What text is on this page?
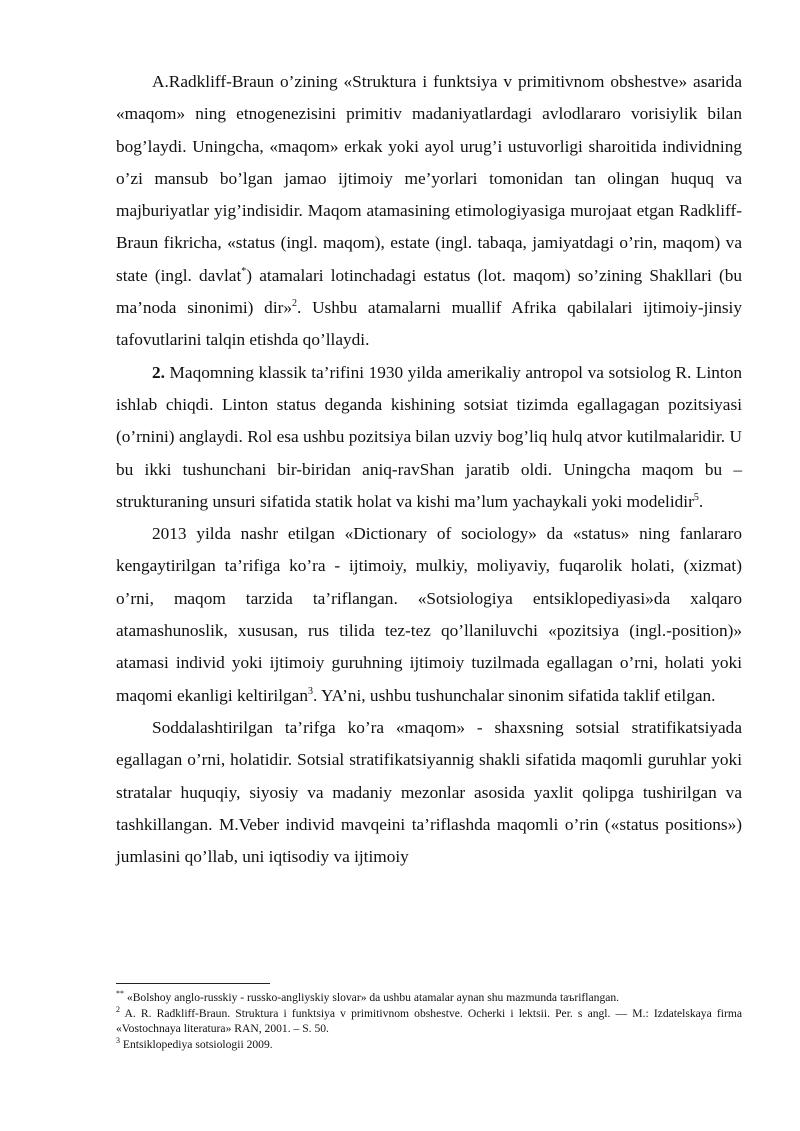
A.Radkliff-Braun o’zining «Struktura i funktsiya v primitivnom obshestve» asarida «maqom» ning etnogenezisini primitiv madaniyatlardagi avlodlararo vorisiylik bilan bog’laydi. Uningcha, «maqom» erkak yoki ayol urug’i ustuvorligi sharoitida individning o’zi mansub bo’lgan jamao ijtimoiy me’yorlari tomonidan tan olingan huquq va majburiyatlar yig’indisidir. Maqom atamasining etimologiyasiga murojaat etgan Radkliff-Braun fikricha, «status (ingl. maqom), estate (ingl. tabaqa, jamiyatdagi o’rin, maqom) va state (ingl. davlat*) atamalari lotinchadagi estatus (lot. maqom) so’zining Shakllari (bu ma’noda sinonimi) dir»$^2$. Ushbu atamalarni muallif Afrika qabilalari ijtimoiy-jinsiy tafovutlarini talqin etishda qo’llaydi.

2. Maqomning klassik ta’rifini 1930 yilda amerikaliy antropol va sotsiolog R. Linton ishlab chiqdi. Linton status deganda kishining sotsiat tizimda egallagagan pozitsiyasi (o’rnini) anglaydi. Rol esa ushbu pozitsiya bilan uzviy bog’liq hulq atvor kutilmalaridir. U bu ikki tushunchani bir-biridan aniq-ravShan jaratib oldi. Uningcha maqom bu – strukturaning unsuri sifatida statik holat va kishi ma’lum yachaykali yoki modelidir$^5$.

2013 yilda nashr etilgan «Dictionary of sociology» da «status» ning fanlararo kengaytirilgan ta’rifiga ko’ra - ijtimoiy, mulkiy, moliyaviy, fuqarolik holati, (xizmat) o’rni, maqom tarzida ta’riflangan. «Sotsiologiya entsiklopediyasi»da xalqaro atamashunoslik, xususan, rus tilida tez-tez qo’llaniluvchi «pozitsiya (ingl.-position)» atamasi individ yoki ijtimoiy guruhning ijtimoiy tuzilmada egallagan o’rni, holati yoki maqomi ekanligi keltirilgan$^3$. YA’ni, ushbu tushunchalar sinonim sifatida taklif etilgan.

Soddalashtirilgan ta’rifga ko’ra «maqom» - shaxsning sotsial stratifikatsiyada egallagan o’rni, holatidir. Sotsial stratifikatsiyannig shakli sifatida maqomli guruhlar yoki stratalar huquqiy, siyosiy va madaniy mezonlar asosida yaxlit qolipga tushirilgan va tashkillangan. M.Veber individ mavqeini ta’riflashda maqomli o’rin («status positions») jumlasini qo’llab, uni iqtisodiy va ijtimoiy

** «Bolshoy anglo-russkiy - russko-angliyskiy slovar» da ushbu atamalar aynan shu mazmunda taъriflangan.

$^2$ A. R. Radkliff-Braun. Struktura i funktsiya v primitivnom obshestve. Ocherki i lektsii. Per. s angl. — M.: Izdatelskaya firma «Vostochnaya literatura» RAN, 2001. – S. 50.

$^3$ Entsiklopediya sotsiologii 2009.
